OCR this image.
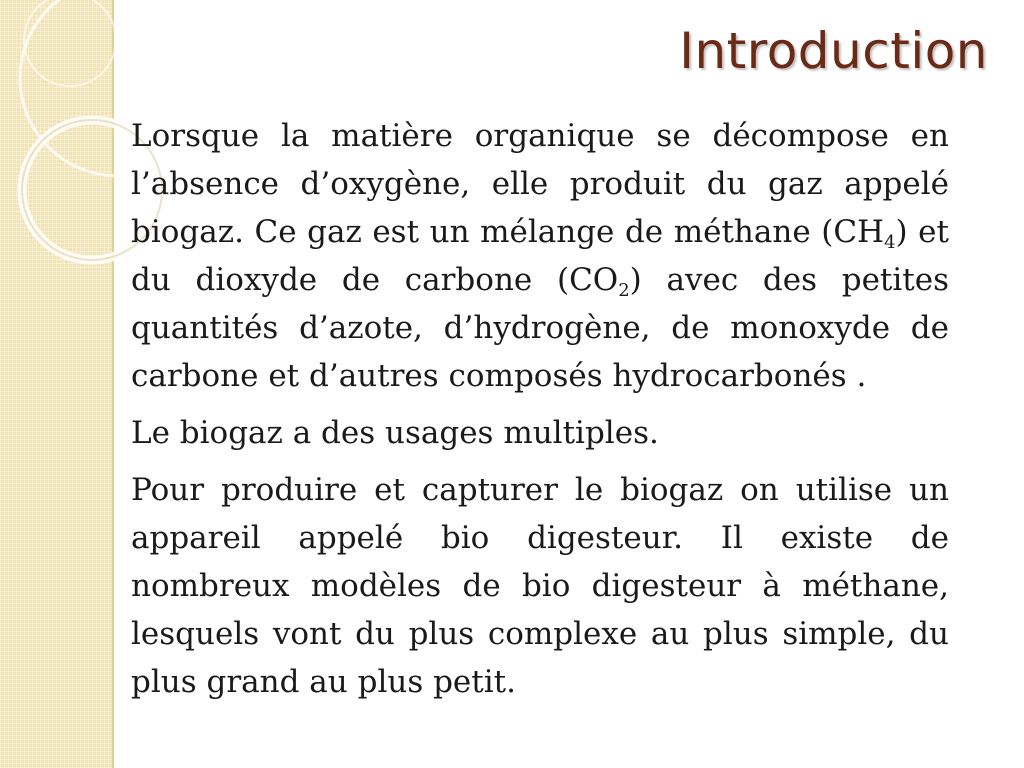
Introduction

Lorsque la matière organique se décompose en l’absence d’oxygène, elle produit du gaz appelé biogaz. Ce gaz est un mélange de méthane $(CH_4)$ et du dioxyde de carbone $(CO_2)$ avec des petites quantités d’azote, d’hydrogène, de monoxyde de carbone et d’autres composés hydrocarbonés .

Le biogaz a des usages multiples.

Pour produire et capturer le biogaz on utilise un appareil appelé bio digesteur. Il existe de nombreux modèles de bio digesteur à méthane, lesquels vont du plus complexe au plus simple, du plus grand au plus petit.
